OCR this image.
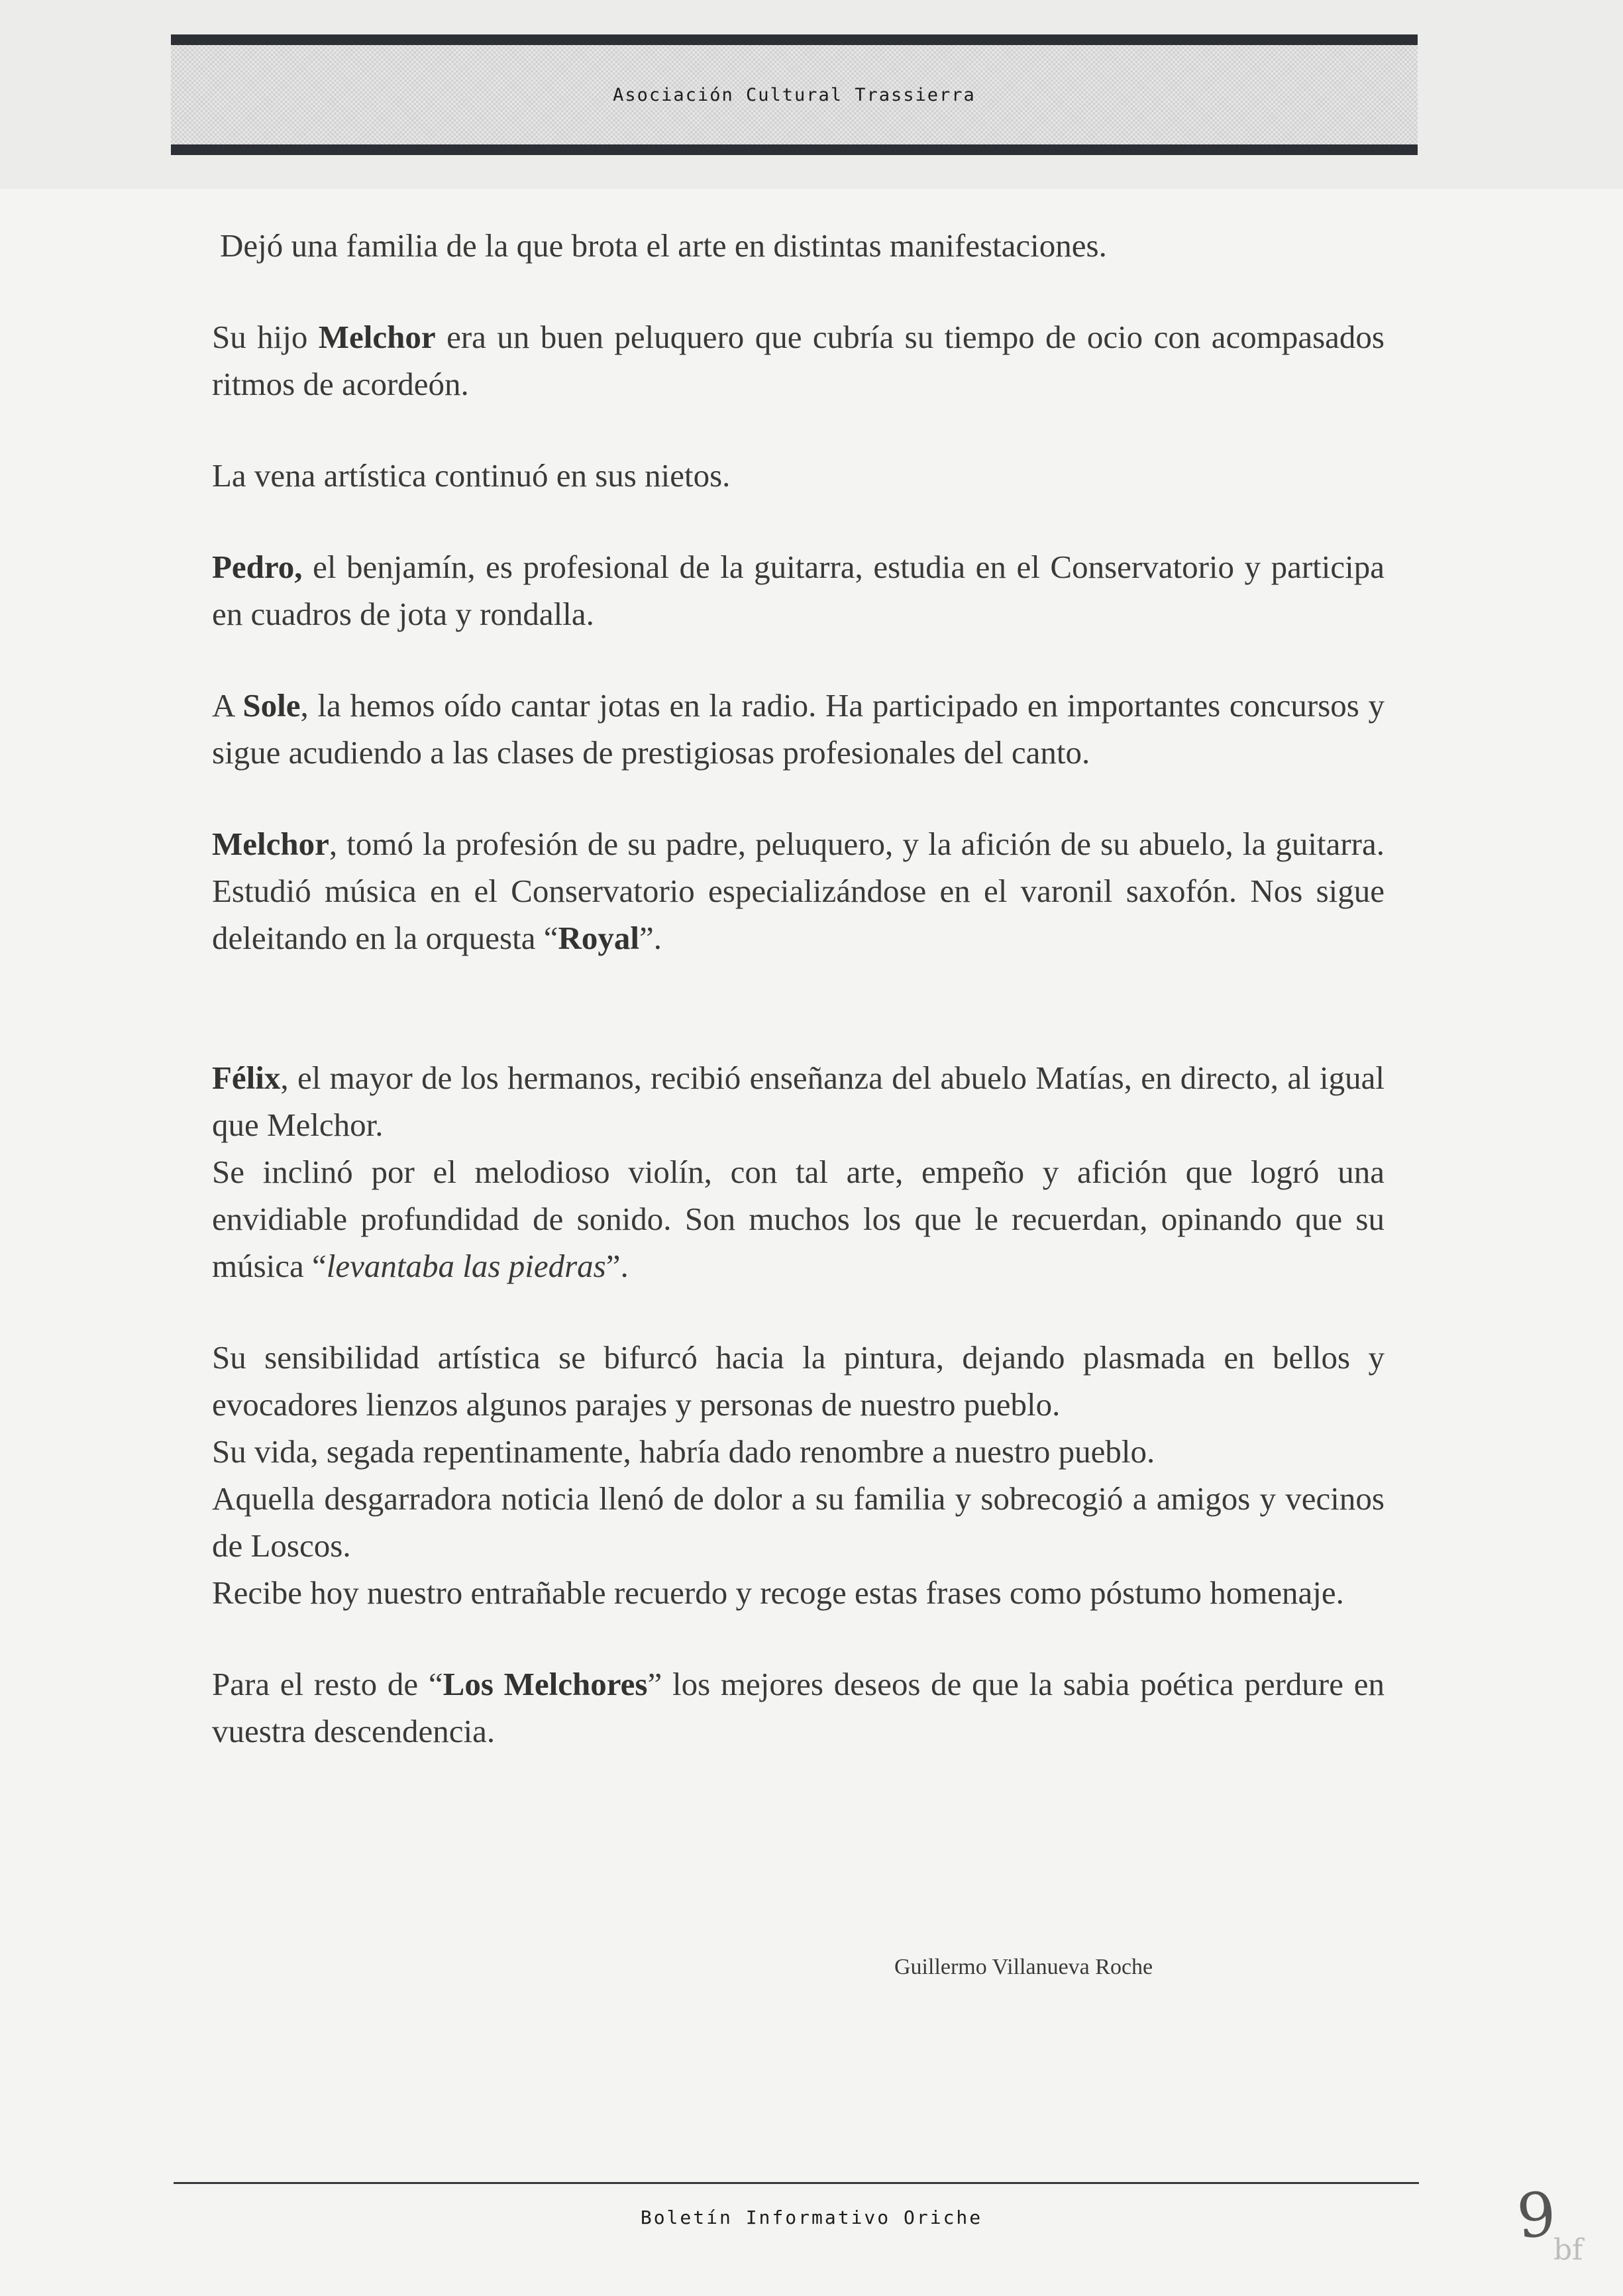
Asociación Cultural Trassierra

Dejó una familia de la que brota el arte en distintas manifestaciones.

Su hijo Melchor era un buen peluquero que cubría su tiempo de ocio con acompasados ritmos de acordeón.

La vena artística continuó en sus nietos.

Pedro, el benjamín, es profesional de la guitarra, estudia en el Conservatorio y participa en cuadros de jota y rondalla.

A Sole, la hemos oído cantar jotas en la radio. Ha participado en importantes concursos y sigue acudiendo a las clases de prestigiosas profesionales del canto.

Melchor, tomó la profesión de su padre, peluquero, y la afición de su abuelo, la guitarra. Estudió música en el Conservatorio especializándose en el varonil saxofón. Nos sigue deleitando en la orquesta “Royal”.

Félix, el mayor de los hermanos, recibió enseñanza del abuelo Matías, en directo, al igual que Melchor.
Se inclinó por el melodioso violín, con tal arte, empeño y afición que logró una envidiable profundidad de sonido. Son muchos los que le recuerdan, opinando que su música “levantaba las piedras”.

Su sensibilidad artística se bifurcó hacia la pintura, dejando plasmada en bellos y evocadores lienzos algunos parajes y personas de nuestro pueblo.
Su vida, segada repentinamente, habría dado renombre a nuestro pueblo.
Aquella desgarradora noticia llenó de dolor a su familia y sobrecogió a amigos y vecinos de Loscos.
Recibe hoy nuestro entrañable recuerdo y recoge estas frases como póstumo homenaje.

Para el resto de “Los Melchores” los mejores deseos de que la sabia poética perdure en vuestra descendencia.

Guillermo Villanueva Roche
Boletín Informativo Oriche	9
bf
